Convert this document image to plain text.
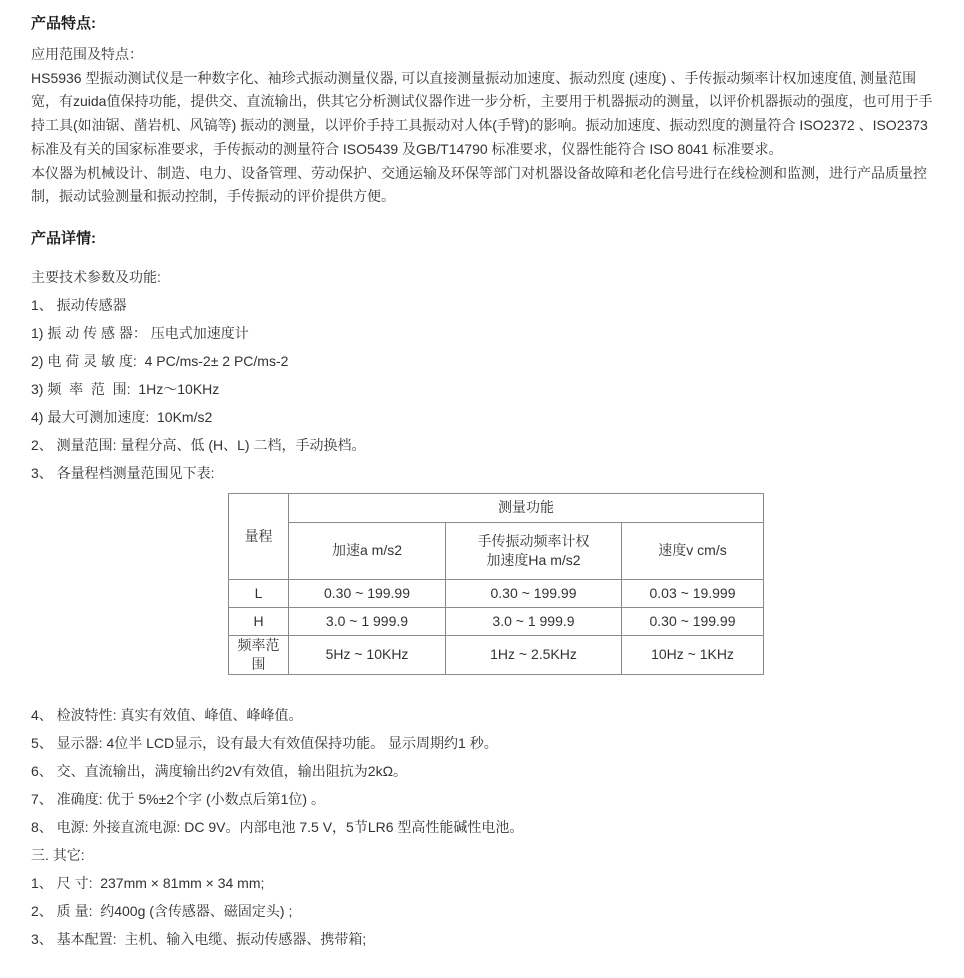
产品特点:

应用范围及特点：

HS5936 型振动测试仪是一种数字化、袖珍式振动测量仪器, 可以直接测量振动加速度、振动烈度 (速度) 、手传振动频率计权加速度值, 测量范围宽，有zuida值保持功能，提供交、直流输出，供其它分析测试仪器作进一步分析，主要用于机器振动的测量，以评价机器振动的强度，也可用于手持工具(如油锯、凿岩机、风镐等) 振动的测量，以评价手持工具振动对人体(手臂)的影响。振动加速度、振动烈度的测量符合 ISO2372 、ISO2373 标准及有关的国家标准要求，手传振动的测量符合 ISO5439 及GB/T14790 标准要求，仪器性能符合 ISO 8041 标准要求。

本仪器为机械设计、制造、电力、设备管理、劳动保护、交通运输及环保等部门对机器设备故障和老化信号进行在线检测和监测，进行产品质量控制，振动试验测量和振动控制，手传振动的评价提供方便。

产品详情:

主要技术参数及功能:

1、 振动传感器

1) 振 动 传 感 器： 压电式加速度计

2) 电 荷 灵 敏 度:  4 PC/ms-2± 2 PC/ms-2

3) 频  率  范  围:  1Hz～10KHz

4) 最大可测加速度:  10Km/s2

2、 测量范围: 量程分高、低 (H、L) 二档，手动换档。

3、 各量程档测量范围见下表:

量程	测量功能		
	加速a m/s2	手传振动频率计权
加速度Ha m/s2	速度v cm/s
L	0.30 ~ 199.99	0.30 ~ 199.99	0.03 ~ 19.999
H	3.0 ~ 1 999.9	3.0 ~ 1 999.9	0.30 ~ 199.99
频率范围	5Hz ~ 10KHz	1Hz ~ 2.5KHz	10Hz ~ 1KHz

4、 检波特性: 真实有效值、峰值、峰峰值。

5、 显示器: 4位半 LCD显示，设有最大有效值保持功能。 显示周期约1 秒。

6、 交、直流输出，满度输出约2V有效值，输出阻抗为2kΩ。

7、 准确度: 优于 5%±2个字 (小数点后第1位) 。

8、 电源: 外接直流电源: DC 9V。内部电池 7.5 V，5节LR6 型高性能碱性电池。

三. 其它:

1、 尺 寸:  237mm × 81mm × 34 mm;

2、 质 量:  约400g (含传感器、磁固定头) ;

3、 基本配置:  主机、输入电缆、振动传感器、携带箱;
